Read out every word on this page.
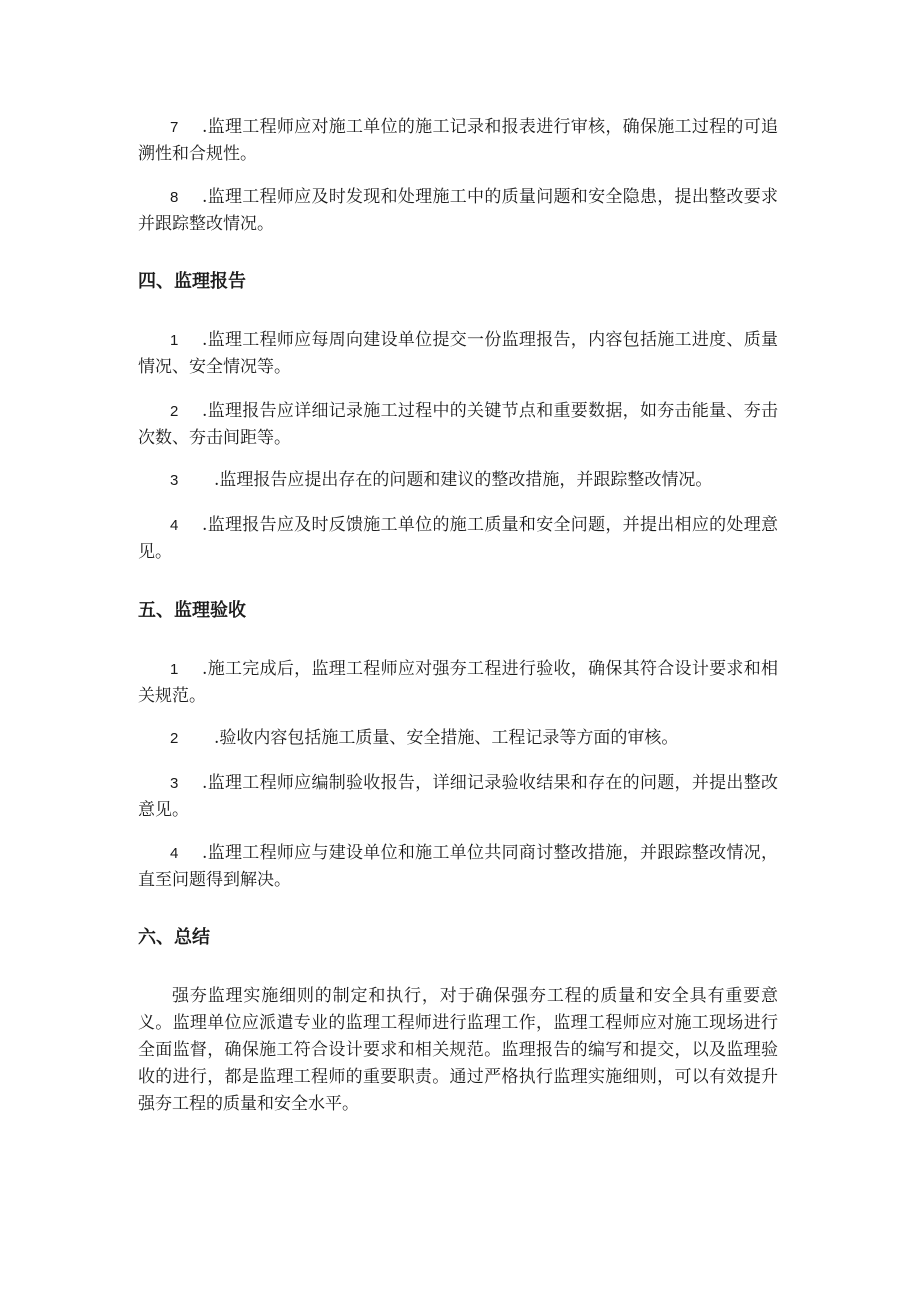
7 .监理工程师应对施工单位的施工记录和报表进行审核，确保施工过程的可追溯性和合规性。

8 .监理工程师应及时发现和处理施工中的质量问题和安全隐患，提出整改要求并跟踪整改情况。

四、监理报告

1 .监理工程师应每周向建设单位提交一份监理报告，内容包括施工进度、质量情况、安全情况等。

2 .监理报告应详细记录施工过程中的关键节点和重要数据，如夯击能量、夯击次数、夯击间距等。

3 .监理报告应提出存在的问题和建议的整改措施，并跟踪整改情况。

4 .监理报告应及时反馈施工单位的施工质量和安全问题，并提出相应的处理意见。

五、监理验收

1 .施工完成后，监理工程师应对强夯工程进行验收，确保其符合设计要求和相关规范。

2 .验收内容包括施工质量、安全措施、工程记录等方面的审核。

3 .监理工程师应编制验收报告，详细记录验收结果和存在的问题，并提出整改意见。

4 .监理工程师应与建设单位和施工单位共同商讨整改措施，并跟踪整改情况，直至问题得到解决。

六、总结

强夯监理实施细则的制定和执行，对于确保强夯工程的质量和安全具有重要意义。监理单位应派遣专业的监理工程师进行监理工作，监理工程师应对施工现场进行全面监督，确保施工符合设计要求和相关规范。监理报告的编写和提交，以及监理验收的进行，都是监理工程师的重要职责。通过严格执行监理实施细则，可以有效提升强夯工程的质量和安全水平。
